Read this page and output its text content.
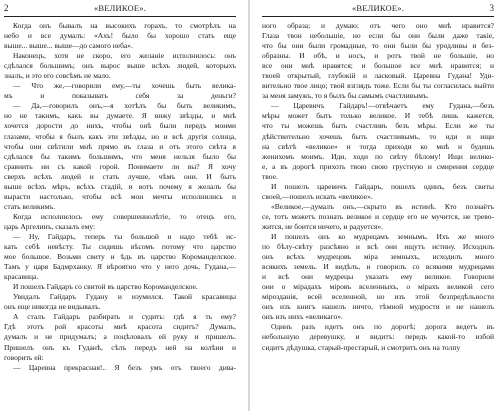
2	«ВЕЛИКОЕ».
Когда онъ бывалъ на высокихъ горахъ, то смотрѣлъ на
небо и все думалъ: «Ахъ! было бы хорошо стать еще
выше... выше... выше—до самого неба».
Наконецъ, хотя не скоро, его желаніе исполнилось: онъ
сдѣлался большимъ; онъ вырос выше всѣхъ людей, которыхъ
зналъ, и это его совсѣмъ не мало.
— Что же,—говорили ему,—ты хочешь быть велика-
мъ и показывать себя за деньги?
— Да,—говорилъ онъ,—я хотѣлъ бы быть великимъ,
но не такимъ, какъ вы думаете. Я вижу звѣзды, и мнѣ
хочется дорости до нихъ, чтобы онѣ были передъ моими
глазами, чтобы я былъ какъ эти звѣзды, но и всѣ другія солнца,
чтобы они свѣтили мнѣ прямо въ глаза и отъ этого свѣта я
сдѣлался бы такимъ большимъ, что меня нельзя было бы
сравнить ни съ какой горой. Понимаете ли вы? Я хочу
сверхъ всѣхъ людей и стать лучше, чѣмъ они. И быть
выше всѣхъ мѣръ, всѣхъ стадій, и вотъ почему я желалъ бы
вырасти настолько, чтобы всѣ мои мечты исполнились и
стать великимъ.
Когда исполнилось ему совершеннолѣтіе, то отецъ его,
царь Аргелинъ, сказалъ ему:
— Ну, Гайдаръ, теперь ты большой и надо тебѣ ис-
кать себѣ невѣсту. Ты сидишь вѣсомъ потому что царство
мое большое. Возьми свиту и ѣдь въ царство Короманделское.
Тамъ у царя Бадмрханку. Я вѣроятно что у него дочь, Гудана,—
красавица.
И пошелъ Гайдаръ со свитой въ царство Короманделское.
Увидалъ Гайдаръ Гудану и изумился. Такой красавицы
онъ еще никогда не видывалъ.
А сталъ Гайдаръ разбирать и судить: гдѣ я ть ему?
Гдѣ этотъ рой красоты мнѣ красота сидитъ? Думалъ,
думалъ и не придумалъ; а поцѣловалъ ей руку и пришелъ.
Пришелъ онъ къ Гуданѣ, сѣлъ передъ ней на колѣни и
говорить ей:
— Царевна прекрасная!.. Я безъ умъ отъ твоего дива-
«ВЕЛИКОЕ».	3
ного образа; и думаю: отъ чего оно мнѣ нравится?
Глаза твои небольшіе, но если бы они были даже такіе,
что бы они были громадные, то они были бы уродливы и без-
образны. И обѣ, и носъ, и ротъ твой не большіе, но
все они мнѣ нравятся; и большое все мнѣ нравится; и
твоей открытый, глубокій и ласковый. Царевна Гудана! Уди-
вительно твое лицо; твой взглядъ тоже. Если бы ты согласилась выйти
за меня замужъ, то я былъ бы самымъ счастливымъ.
— Царевичъ Гайдаръ!—отвѣчаетъ ему Гудана,—безъ
мѣры может быть только великое. И тебѣ лишь кажется,
что ты можешь быть счастливъ безъ мѣры. Если же ты
дѣйствительно хочешь быть счастливымъ, то иди и ищи
на свѣтѣ «великое» и тогда приходи ко мнѣ и будешь
женихомъ моимъ. Иди, ходи по свѣту бѣлому! Ищи велико-
е, а въ дорогѣ прихоть твою свою грустную и смирения сердце
твое.
И пошелъ царевичъ Гайдаръ, пошелъ одинъ, безъ свиты
своей,—пошелъ искать «великое».
«Великое,—думалъ онъ,—скрыто въ истинѣ. Кто познаётъ
се, тотъ можетъ познать великое и сердце его не мучится, не трево-
жится, не боится ничего, и радуется».
И пошелъ онъ ко мудрецамъ земнымъ. Ихъ же много
по бѣлу-свѣту разсѣяно и всѣ они ищутъ истину. Исходилъ
онъ всѣхъ мудрецовъ міра земныхъ, исходилъ много
всякихъ земель. И видѣлъ, и говорилъ со всякими мудрецами
и всѣ они мудрецы указать ему великое. Говорили
они о мірадахъ міровъ вселенныхъ, о мірахъ великой сего
мірозданія, всей вселенной, но изъ этой безпредѣльности
онъ изъ книгъ нашелъ ничто, тѣмной мудрости и не нашелъ
онъ изъ нихъ «великаго».
Одинъ разъ идетъ онъ по дорогѣ; дорога ведетъ въ
небольшую деревушку, и видитъ: передъ какой-то избой
сидитъ дѣдушка, старый-престарый, и смотритъ онъ на толпу
